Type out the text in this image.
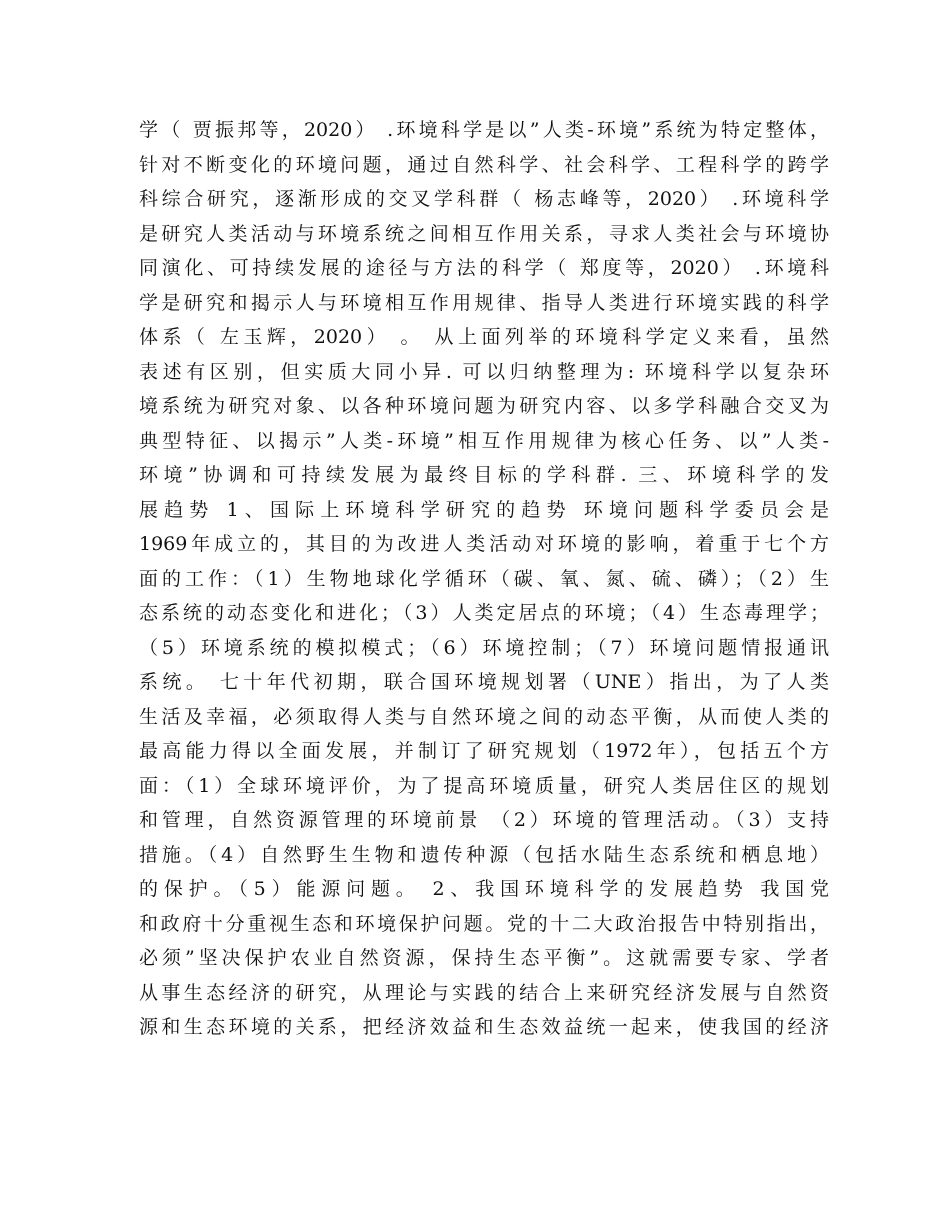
学（ 贾振邦等，2020） .环境科学是以”人类-环境”系统为特定整体，
针对不断变化的环境问题，通过自然科学、社会科学、工程科学的跨学
科综合研究，逐渐形成的交叉学科群（ 杨志峰等，2020） .环境科学
是研究人类活动与环境系统之间相互作用关系，寻求人类社会与环境协
同演化、可持续发展的途径与方法的科学（ 郑度等，2020） .环境科
学是研究和揭示人与环境相互作用规律、指导人类进行环境实践的科学
体系（ 左玉辉，2020） 。 从上面列举的环境科学定义来看，虽然
表述有区别，但实质大同小异. 可以归纳整理为: 环境科学以复杂环
境系统为研究对象、以各种环境问题为研究内容、以多学科融合交叉为
典型特征、以揭示”人类-环境”相互作用规律为核心任务、以”人类-
环境”协调和可持续发展为最终目标的学科群. 三、环境科学的发
展趋势 1、国际上环境科学研究的趋势 环境问题科学委员会是
1969年成立的，其目的为改进人类活动对环境的影响，着重于七个方
面的工作：（1）生物地球化学循环（碳、氧、氮、硫、磷）；（2）生
态系统的动态变化和进化；（3）人类定居点的环境；（4）生态毒理学；
（5）环境系统的模拟模式；（6）环境控制；（7）环境问题情报通讯
系统。 七十年代初期，联合国环境规划署（UNE）指出，为了人类
生活及幸福，必须取得人类与自然环境之间的动态平衡，从而使人类的
最高能力得以全面发展，并制订了研究规划（1972年），包括五个方
面：（1）全球环境评价，为了提高环境质量，研究人类居住区的规划
和管理，自然资源管理的环境前景 （2）环境的管理活动。（3）支持
措施。（4）自然野生生物和遗传种源（包括水陆生态系统和栖息地）
的保护。（5）能源问题。 2、我国环境科学的发展趋势 我国党
和政府十分重视生态和环境保护问题。党的十二大政治报告中特别指出，
必须”坚决保护农业自然资源，保持生态平衡”。这就需要专家、学者
从事生态经济的研究，从理论与实践的结合上来研究经济发展与自然资
源和生态环境的关系，把经济效益和生态效益统一起来，使我国的经济
